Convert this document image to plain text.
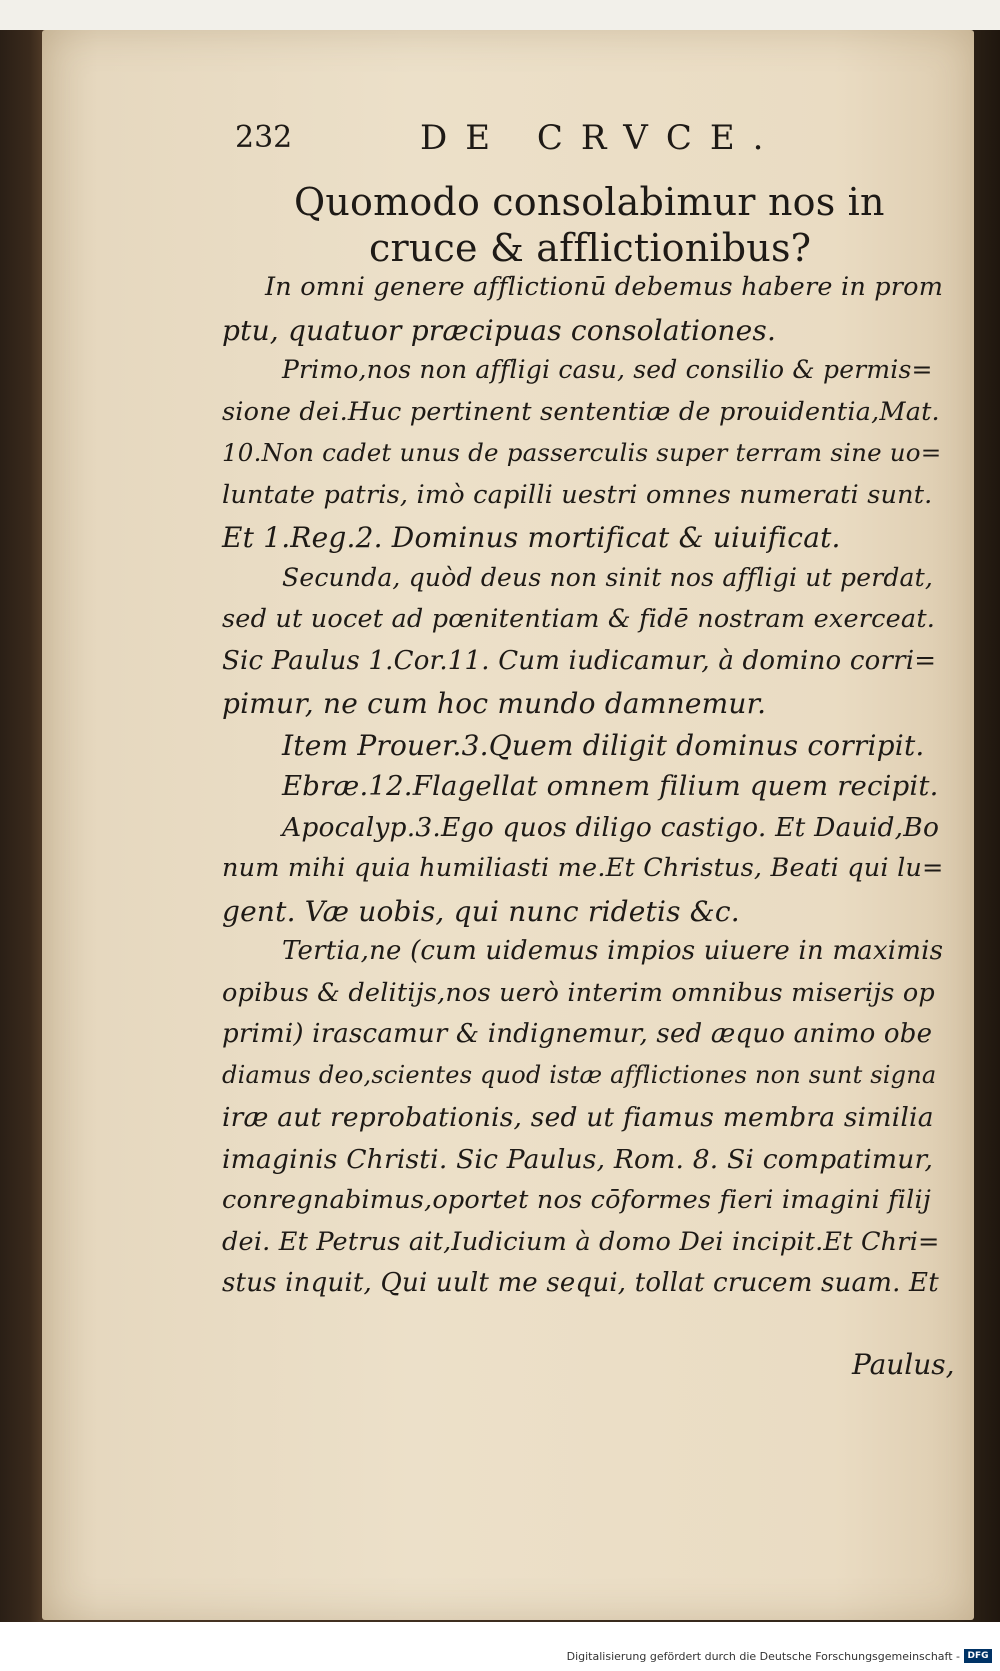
232	DE CRVCE.
Quomodo consolabimur nos in
cruce & afflictionibus?
In omni genere afflictionū debemus habere in prom
ptu, quatuor præcipuas consolationes.
Primo,nos non affligi casu, sed consilio & permis=
sione dei.Huc pertinent sententiæ de prouidentia,Mat.
10.Non cadet unus de passerculis super terram sine uo=
luntate patris, imò capilli uestri omnes numerati sunt.
Et 1.Reg.2. Dominus mortificat & uiuificat.
Secunda, quòd deus non sinit nos affligi ut perdat,
sed ut uocet ad pœnitentiam & fidē nostram exerceat.
Sic Paulus 1.Cor.11. Cum iudicamur, à domino corri=
pimur, ne cum hoc mundo damnemur.
Item Prouer.3.Quem diligit dominus corripit.
Ebræ.12.Flagellat omnem filium quem recipit.
Apocalyp.3.Ego quos diligo castigo. Et Dauid,Bo
num mihi quia humiliasti me.Et Christus, Beati qui lu=
gent. Væ uobis, qui nunc ridetis &c.
Tertia,ne (cum uidemus impios uiuere in maximis
opibus & delitijs,nos uerò interim omnibus miserijs op
primi) irascamur & indignemur, sed æquo animo obe
diamus deo,scientes quod istæ afflictiones non sunt signa
iræ aut reprobationis, sed ut fiamus membra similia
imaginis Christi. Sic Paulus, Rom. 8. Si compatimur,
conregnabimus,oportet nos cōformes fieri imagini filij
dei. Et Petrus ait,Iudicium à domo Dei incipit.Et Chri=
stus inquit, Qui uult me sequi, tollat crucem suam. Et
Paulus,
Digitalisierung gefördert durch die Deutsche Forschungsgemeinschaft - DFG
